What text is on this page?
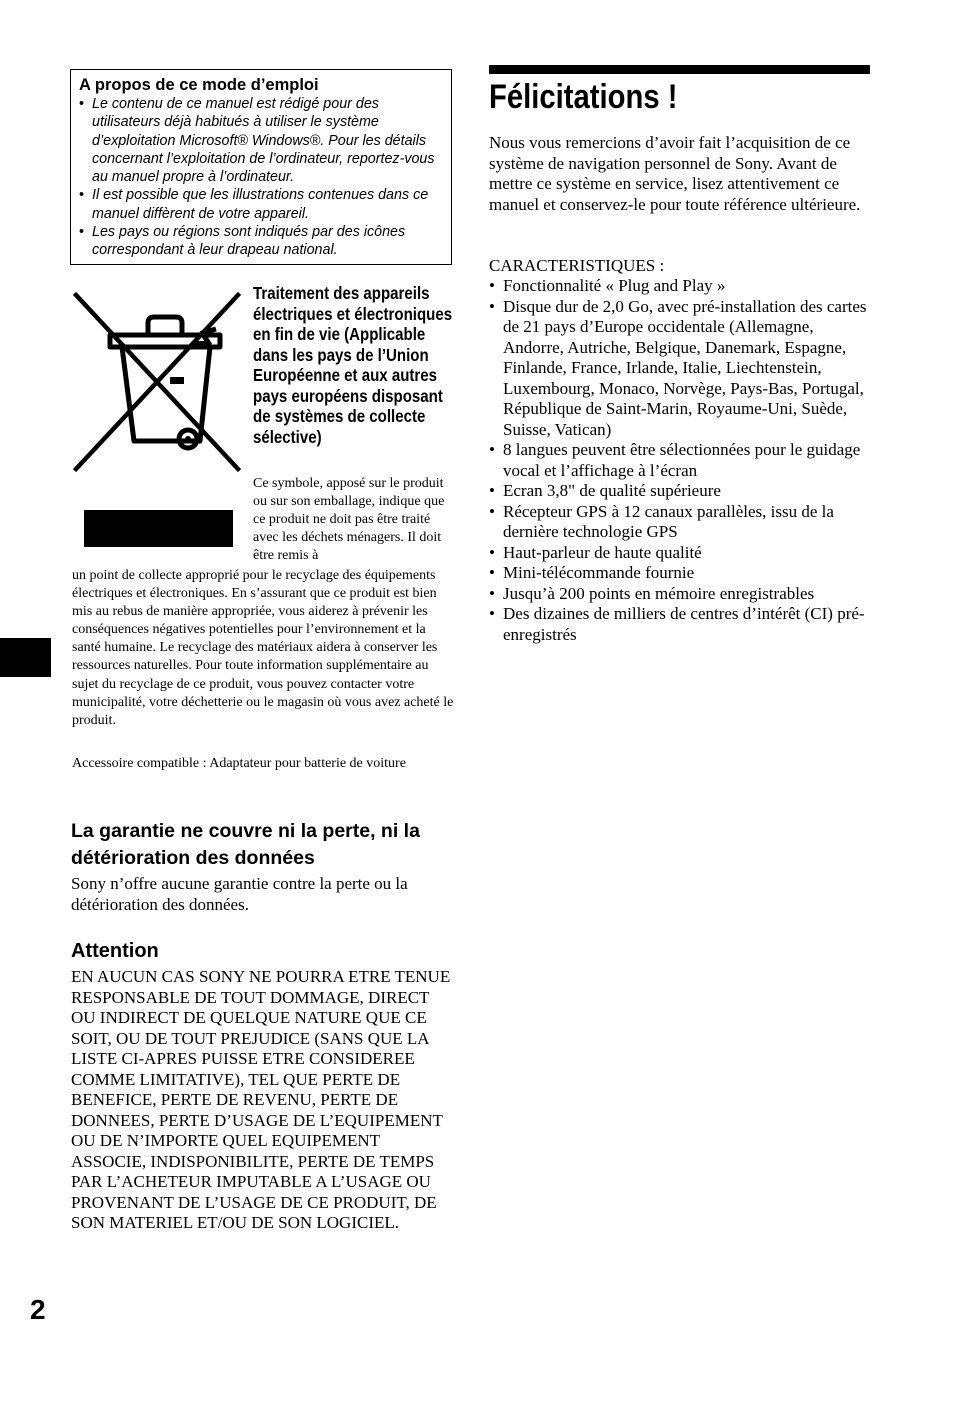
A propos de ce mode d’emploi
• Le contenu de ce manuel est rédigé pour des utilisateurs déjà habitués à utiliser le système d’exploitation Microsoft® Windows®. Pour les détails concernant l’exploitation de l’ordinateur, reportez-vous au manuel propre à l’ordinateur.
• Il est possible que les illustrations contenues dans ce manuel diffèrent de votre appareil.
• Les pays ou régions sont indiqués par des icônes correspondant à leur drapeau national.
Traitement des appareils électriques et électroniques en fin de vie (Applicable dans les pays de l’Union Européenne et aux autres pays européens disposant de systèmes de collecte sélective)
Ce symbole, apposé sur le produit ou sur son emballage, indique que ce produit ne doit pas être traité avec les déchets ménagers. Il doit être remis à
un point de collecte approprié pour le recyclage des équipements électriques et électroniques. En s’assurant que ce produit est bien mis au rebus de manière appropriée, vous aiderez à prévenir les conséquences négatives potentielles pour l’environnement et la santé humaine. Le recyclage des matériaux aidera à conserver les ressources naturelles. Pour toute information supplémentaire au sujet du recyclage de ce produit, vous pouvez contacter votre municipalité, votre déchetterie ou le magasin où vous avez acheté le produit.
Accessoire compatible : Adaptateur pour batterie de voiture
La garantie ne couvre ni la perte, ni la détérioration des données
Sony n’offre aucune garantie contre la perte ou la détérioration des données.
Attention
EN AUCUN CAS SONY NE POURRA ETRE TENUE RESPONSABLE DE TOUT DOMMAGE, DIRECT OU INDIRECT DE QUELQUE NATURE QUE CE SOIT, OU DE TOUT PREJUDICE (SANS QUE LA LISTE CI-APRES PUISSE ETRE CONSIDEREE COMME LIMITATIVE), TEL QUE PERTE DE BENEFICE, PERTE DE REVENU, PERTE DE DONNEES, PERTE D’USAGE DE L’EQUIPEMENT OU DE N’IMPORTE QUEL EQUIPEMENT ASSOCIE, INDISPONIBILITE, PERTE DE TEMPS PAR L’ACHETEUR IMPUTABLE A L’USAGE OU PROVENANT DE L’USAGE DE CE PRODUIT, DE SON MATERIEL ET/OU DE SON LOGICIEL.
2
Félicitations !
Nous vous remercions d’avoir fait l’acquisition de ce système de navigation personnel de Sony. Avant de mettre ce système en service, lisez attentivement ce manuel et conservez-le pour toute référence ultérieure.
CARACTERISTIQUES :
• Fonctionnalité « Plug and Play »
• Disque dur de 2,0 Go, avec pré-installation des cartes de 21 pays d’Europe occidentale (Allemagne, Andorre, Autriche, Belgique, Danemark, Espagne, Finlande, France, Irlande, Italie, Liechtenstein, Luxembourg, Monaco, Norvège, Pays-Bas, Portugal, République de Saint-Marin, Royaume-Uni, Suède, Suisse, Vatican)
• 8 langues peuvent être sélectionnées pour le guidage vocal et l’affichage à l’écran
• Ecran 3,8" de qualité supérieure
• Récepteur GPS à 12 canaux parallèles, issu de la dernière technologie GPS
• Haut-parleur de haute qualité
• Mini-télécommande fournie
• Jusqu’à 200 points en mémoire enregistrables
• Des dizaines de milliers de centres d’intérêt (CI) pré-enregistrés
